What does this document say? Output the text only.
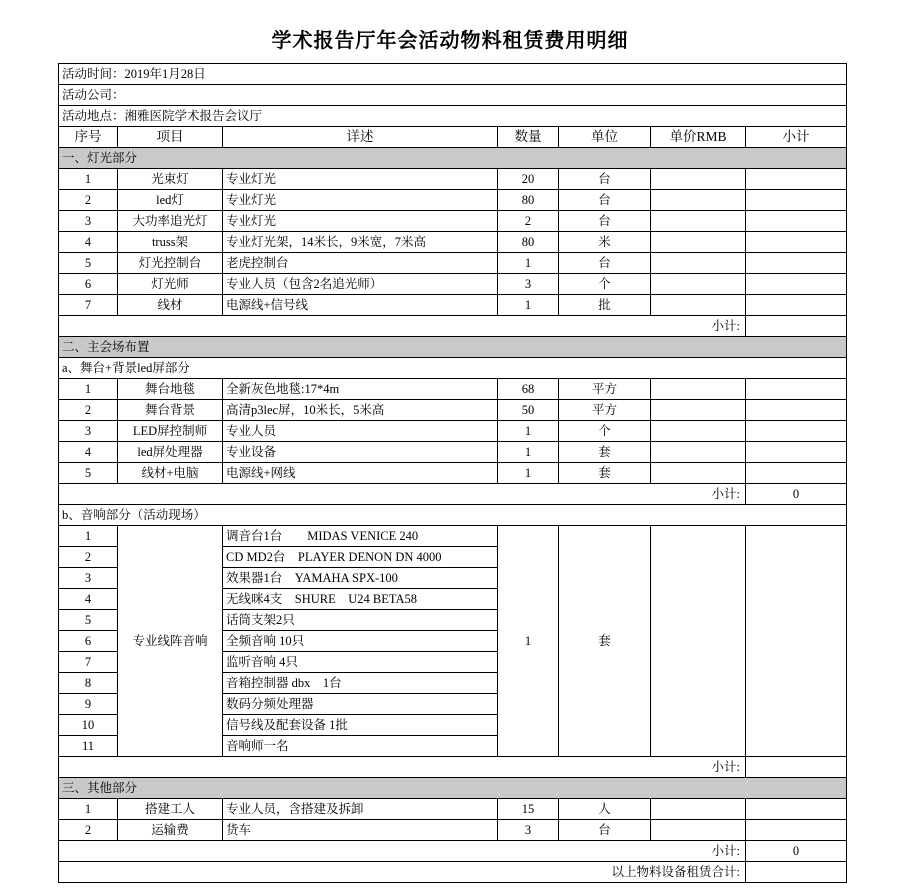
学术报告厅年会活动物料租赁费用明细
活动时间：2019年1月28日						
活动公司：						
活动地点：湘雅医院学术报告会议厅						
序号	项目	详述	数量	单位	单价RMB	小计
一、灯光部分						
1	光束灯	专业灯光	20	台		
2	led灯	专业灯光	80	台		
3	大功率追光灯	专业灯光	2	台		
4	truss架	专业灯光架，14米长，9米宽，7米高	80	米		
5	灯光控制台	老虎控制台	1	台		
6	灯光师	专业人员（包含2名追光师）	3	个		
7	线材	电源线+信号线	1	批		
小计:						
二、主会场布置						
a、舞台+背景led屏部分						
1	舞台地毯	全新灰色地毯:17*4m	68	平方		
2	舞台背景	高清p3lec屏，10米长，5米高	50	平方		
3	LED屏控制师	专业人员	1	个		
4	led屏处理器	专业设备	1	套		
5	线材+电脑	电源线+网线	1	套		
小计:						0
b、音响部分（活动现场）						
1	专业线阵音响	调音台1台　　MIDAS VENICE 240	1	套		
2		CD MD2台　PLAYER DENON DN 4000				
3		效果器1台　YAMAHA SPX-100				
4		无线咪4支　SHURE　U24 BETA58				
5		话筒支架2只				
6		全频音响 10只				
7		监听音响 4只				
8		音箱控制器 dbx　1台				
9		数码分频处理器				
10		信号线及配套设备 1批				
11		音响师一名				
小计:						
三、其他部分						
1	搭建工人	专业人员，含搭建及拆卸	15	人		
2	运输费	货车	3	台		
小计:						0
以上物料设备租赁合计:						
